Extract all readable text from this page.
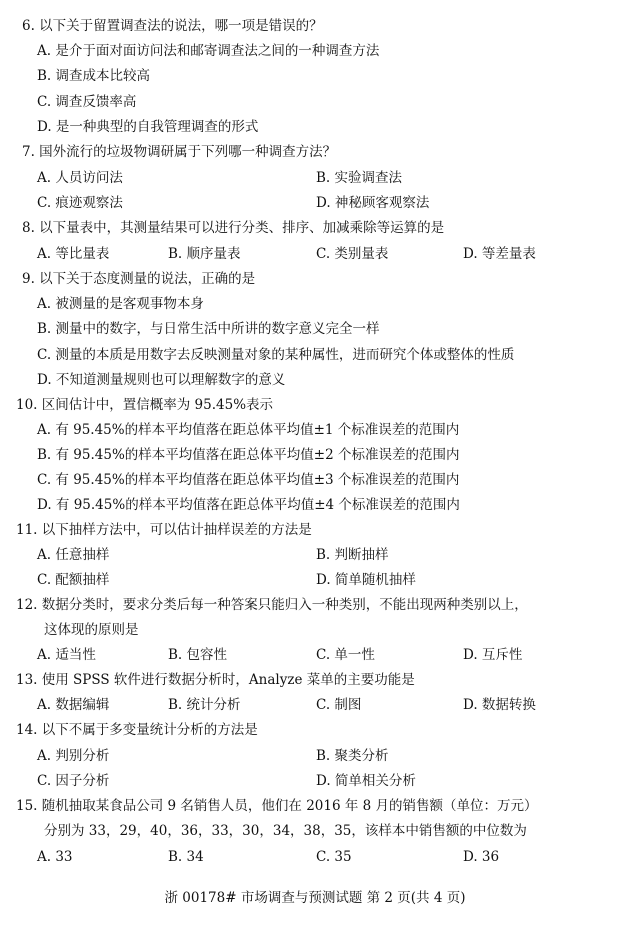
6. 以下关于留置调查法的说法，哪一项是错误的？
A. 是介于面对面访问法和邮寄调查法之间的一种调查方法
B. 调查成本比较高
C. 调查反馈率高
D. 是一种典型的自我管理调查的形式
7. 国外流行的垃圾物调研属于下列哪一种调查方法？
A. 人员访问法	B. 实验调查法
C. 痕迹观察法	D. 神秘顾客观察法
8. 以下量表中，其测量结果可以进行分类、排序、加减乘除等运算的是
A. 等比量表	B. 顺序量表	C. 类别量表	D. 等差量表
9. 以下关于态度测量的说法，正确的是
A. 被测量的是客观事物本身
B. 测量中的数字，与日常生活中所讲的数字意义完全一样
C. 测量的本质是用数字去反映测量对象的某种属性，进而研究个体或整体的性质
D. 不知道测量规则也可以理解数字的意义
10. 区间估计中，置信概率为 95.45%表示
A. 有 95.45%的样本平均值落在距总体平均值±1 个标准误差的范围内
B. 有 95.45%的样本平均值落在距总体平均值±2 个标准误差的范围内
C. 有 95.45%的样本平均值落在距总体平均值±3 个标准误差的范围内
D. 有 95.45%的样本平均值落在距总体平均值±4 个标准误差的范围内
11. 以下抽样方法中，可以估计抽样误差的方法是
A. 任意抽样	B. 判断抽样
C. 配额抽样	D. 简单随机抽样
12. 数据分类时，要求分类后每一种答案只能归入一种类别，不能出现两种类别以上，
这体现的原则是
A. 适当性	B. 包容性	C. 单一性	D. 互斥性
13. 使用 SPSS 软件进行数据分析时，Analyze 菜单的主要功能是
A. 数据编辑	B. 统计分析	C. 制图	D. 数据转换
14. 以下不属于多变量统计分析的方法是
A. 判别分析	B. 聚类分析
C. 因子分析	D. 简单相关分析
15. 随机抽取某食品公司 9 名销售人员，他们在 2016 年 8 月的销售额（单位：万元）
分别为 33，29，40，36，33，30，34，38，35，该样本中销售额的中位数为
A. 33	B. 34	C. 35	D. 36
浙 00178# 市场调查与预测试题 第 2 页(共 4 页)
